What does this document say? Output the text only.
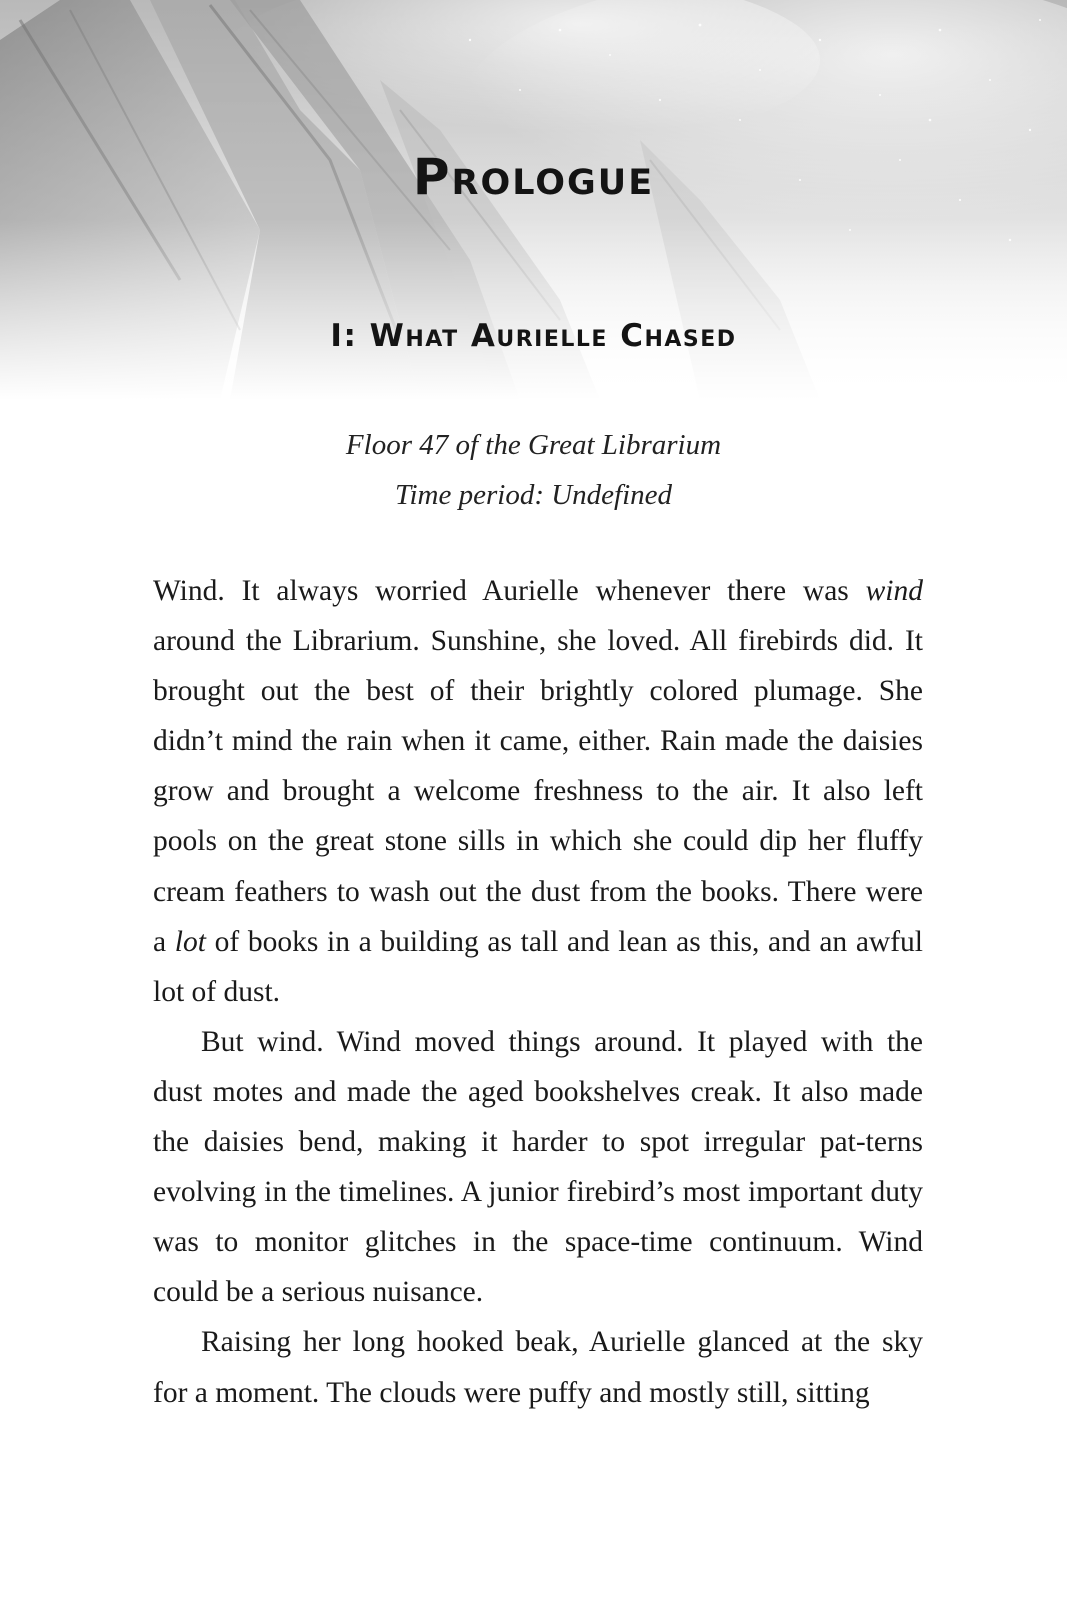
Prologue
I: What Aurielle Chased
Floor 47 of the Great Librarium
Time period: Undefined

Wind. It always worried Aurielle whenever there was wind around the Librarium. Sunshine, she loved. All firebirds did. It brought out the best of their brightly colored plumage. She didn’t mind the rain when it came, either. Rain made the daisies grow and brought a welcome freshness to the air. It also left pools on the great stone sills in which she could dip her fluffy cream feathers to wash out the dust from the books. There were a lot of books in a building as tall and lean as this, and an awful lot of dust.

But wind. Wind moved things around. It played with the dust motes and made the aged bookshelves creak. It also made the daisies bend, making it harder to spot irregular pat-terns evolving in the timelines. A junior firebird’s most important duty was to monitor glitches in the space-time continuum. Wind could be a serious nuisance.

Raising her long hooked beak, Aurielle glanced at the sky for a moment. The clouds were puffy and mostly still, sitting
